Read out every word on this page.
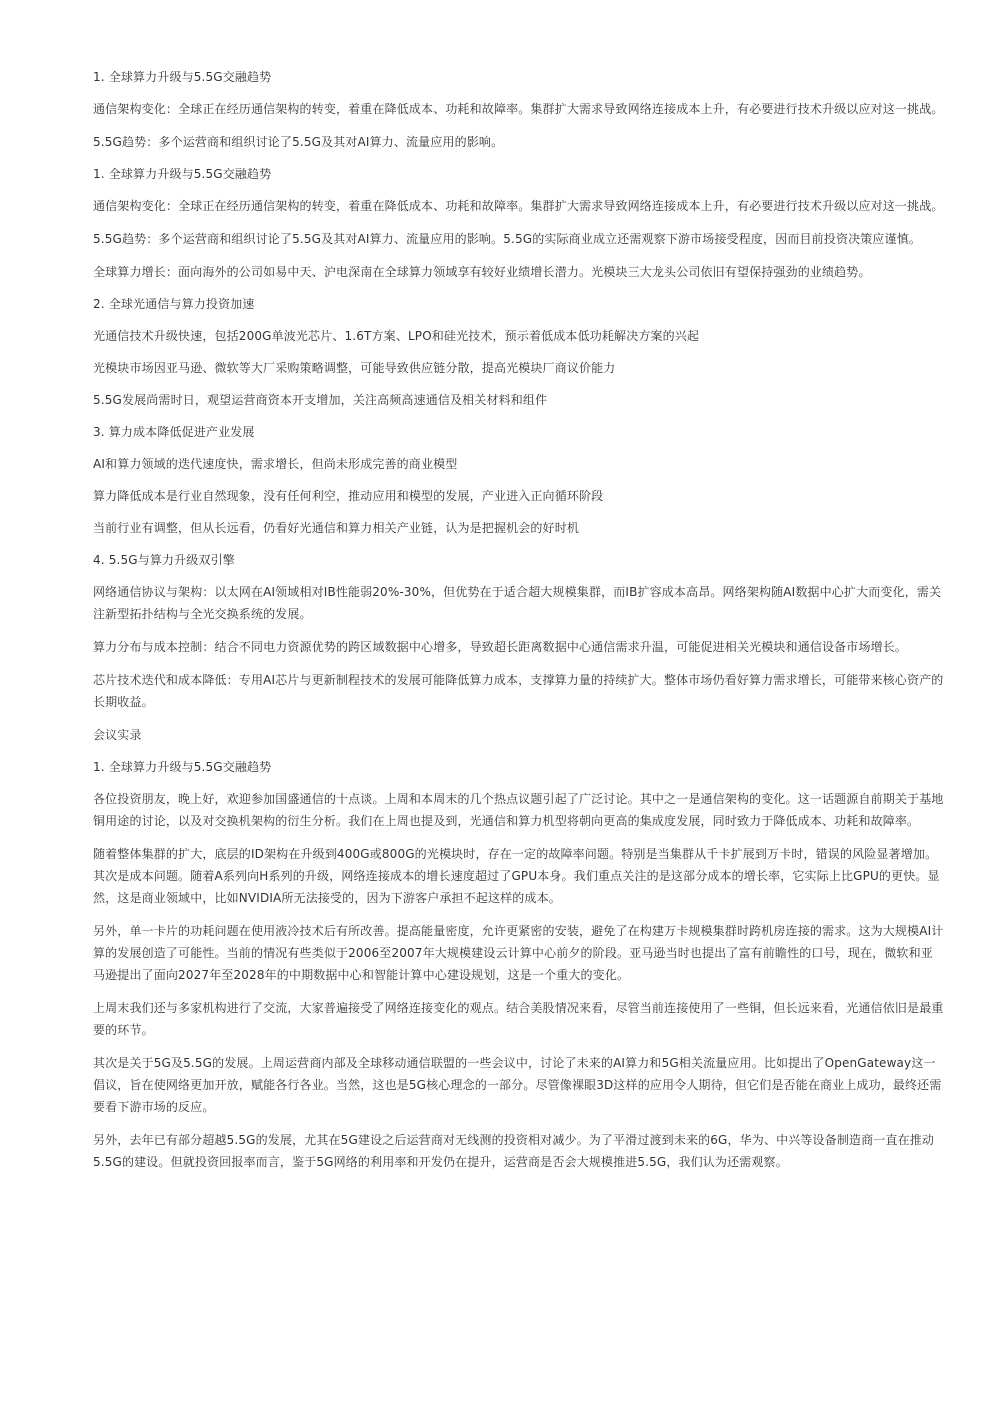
1. 全球算力升级与5.5G交融趋势

通信架构变化：全球正在经历通信架构的转变，着重在降低成本、功耗和故障率。集群扩大需求导致网络连接成本上升，有必要进行技术升级以应对这一挑战。

5.5G趋势：多个运营商和组织讨论了5.5G及其对AI算力、流量应用的影响。

1. 全球算力升级与5.5G交融趋势

通信架构变化：全球正在经历通信架构的转变，着重在降低成本、功耗和故障率。集群扩大需求导致网络连接成本上升，有必要进行技术升级以应对这一挑战。

5.5G趋势：多个运营商和组织讨论了5.5G及其对AI算力、流量应用的影响。5.5G的实际商业成立还需观察下游市场接受程度，因而目前投资决策应谨慎。

全球算力增长：面向海外的公司如易中天、沪电深南在全球算力领域享有较好业绩增长潜力。光模块三大龙头公司依旧有望保持强劲的业绩趋势。

2. 全球光通信与算力投资加速

光通信技术升级快速，包括200G单波光芯片、1.6T方案、LPO和硅光技术，预示着低成本低功耗解决方案的兴起

光模块市场因亚马逊、微软等大厂采购策略调整，可能导致供应链分散，提高光模块厂商议价能力

5.5G发展尚需时日，观望运营商资本开支增加，关注高频高速通信及相关材料和组件

3. 算力成本降低促进产业发展

AI和算力领域的迭代速度快，需求增长，但尚未形成完善的商业模型

算力降低成本是行业自然现象，没有任何利空，推动应用和模型的发展，产业进入正向循环阶段

当前行业有调整，但从长远看，仍看好光通信和算力相关产业链，认为是把握机会的好时机

4. 5.5G与算力升级双引擎

网络通信协议与架构：以太网在AI领域相对IB性能弱20%-30%，但优势在于适合超大规模集群，而IB扩容成本高昂。网络架构随AI数据中心扩大而变化，需关注新型拓扑结构与全光交换系统的发展。

算力分布与成本控制：结合不同电力资源优势的跨区域数据中心增多，导致超长距离数据中心通信需求升温，可能促进相关光模块和通信设备市场增长。

芯片技术迭代和成本降低：专用AI芯片与更新制程技术的发展可能降低算力成本，支撑算力量的持续扩大。整体市场仍看好算力需求增长，可能带来核心资产的长期收益。

会议实录

1. 全球算力升级与5.5G交融趋势

各位投资朋友，晚上好，欢迎参加国盛通信的十点谈。上周和本周末的几个热点议题引起了广泛讨论。其中之一是通信架构的变化。这一话题源自前期关于基地铜用途的讨论，以及对交换机架构的衍生分析。我们在上周也提及到，光通信和算力机型将朝向更高的集成度发展，同时致力于降低成本、功耗和故障率。

随着整体集群的扩大，底层的ID架构在升级到400G或800G的光模块时，存在一定的故障率问题。特别是当集群从千卡扩展到万卡时，错误的风险显著增加。其次是成本问题。随着A系列向H系列的升级，网络连接成本的增长速度超过了GPU本身。我们重点关注的是这部分成本的增长率，它实际上比GPU的更快。显然，这是商业领域中，比如NVIDIA所无法接受的，因为下游客户承担不起这样的成本。

另外，单一卡片的功耗问题在使用液冷技术后有所改善。提高能量密度，允许更紧密的安装，避免了在构建万卡规模集群时跨机房连接的需求。这为大规模AI计算的发展创造了可能性。当前的情况有些类似于2006至2007年大规模建设云计算中心前夕的阶段。亚马逊当时也提出了富有前瞻性的口号，现在，微软和亚马逊提出了面向2027年至2028年的中期数据中心和智能计算中心建设规划，这是一个重大的变化。

上周末我们还与多家机构进行了交流，大家普遍接受了网络连接变化的观点。结合美股情况来看，尽管当前连接使用了一些铜，但长远来看，光通信依旧是最重要的环节。

其次是关于5G及5.5G的发展。上周运营商内部及全球移动通信联盟的一些会议中，讨论了未来的AI算力和5G相关流量应用。比如提出了OpenGateway这一倡议，旨在使网络更加开放，赋能各行各业。当然，这也是5G核心理念的一部分。尽管像裸眼3D这样的应用令人期待，但它们是否能在商业上成功，最终还需要看下游市场的反应。

另外，去年已有部分超越5.5G的发展，尤其在5G建设之后运营商对无线测的投资相对减少。为了平滑过渡到未来的6G，华为、中兴等设备制造商一直在推动5.5G的建设。但就投资回报率而言，鉴于5G网络的利用率和开发仍在提升，运营商是否会大规模推进5.5G，我们认为还需观察。
